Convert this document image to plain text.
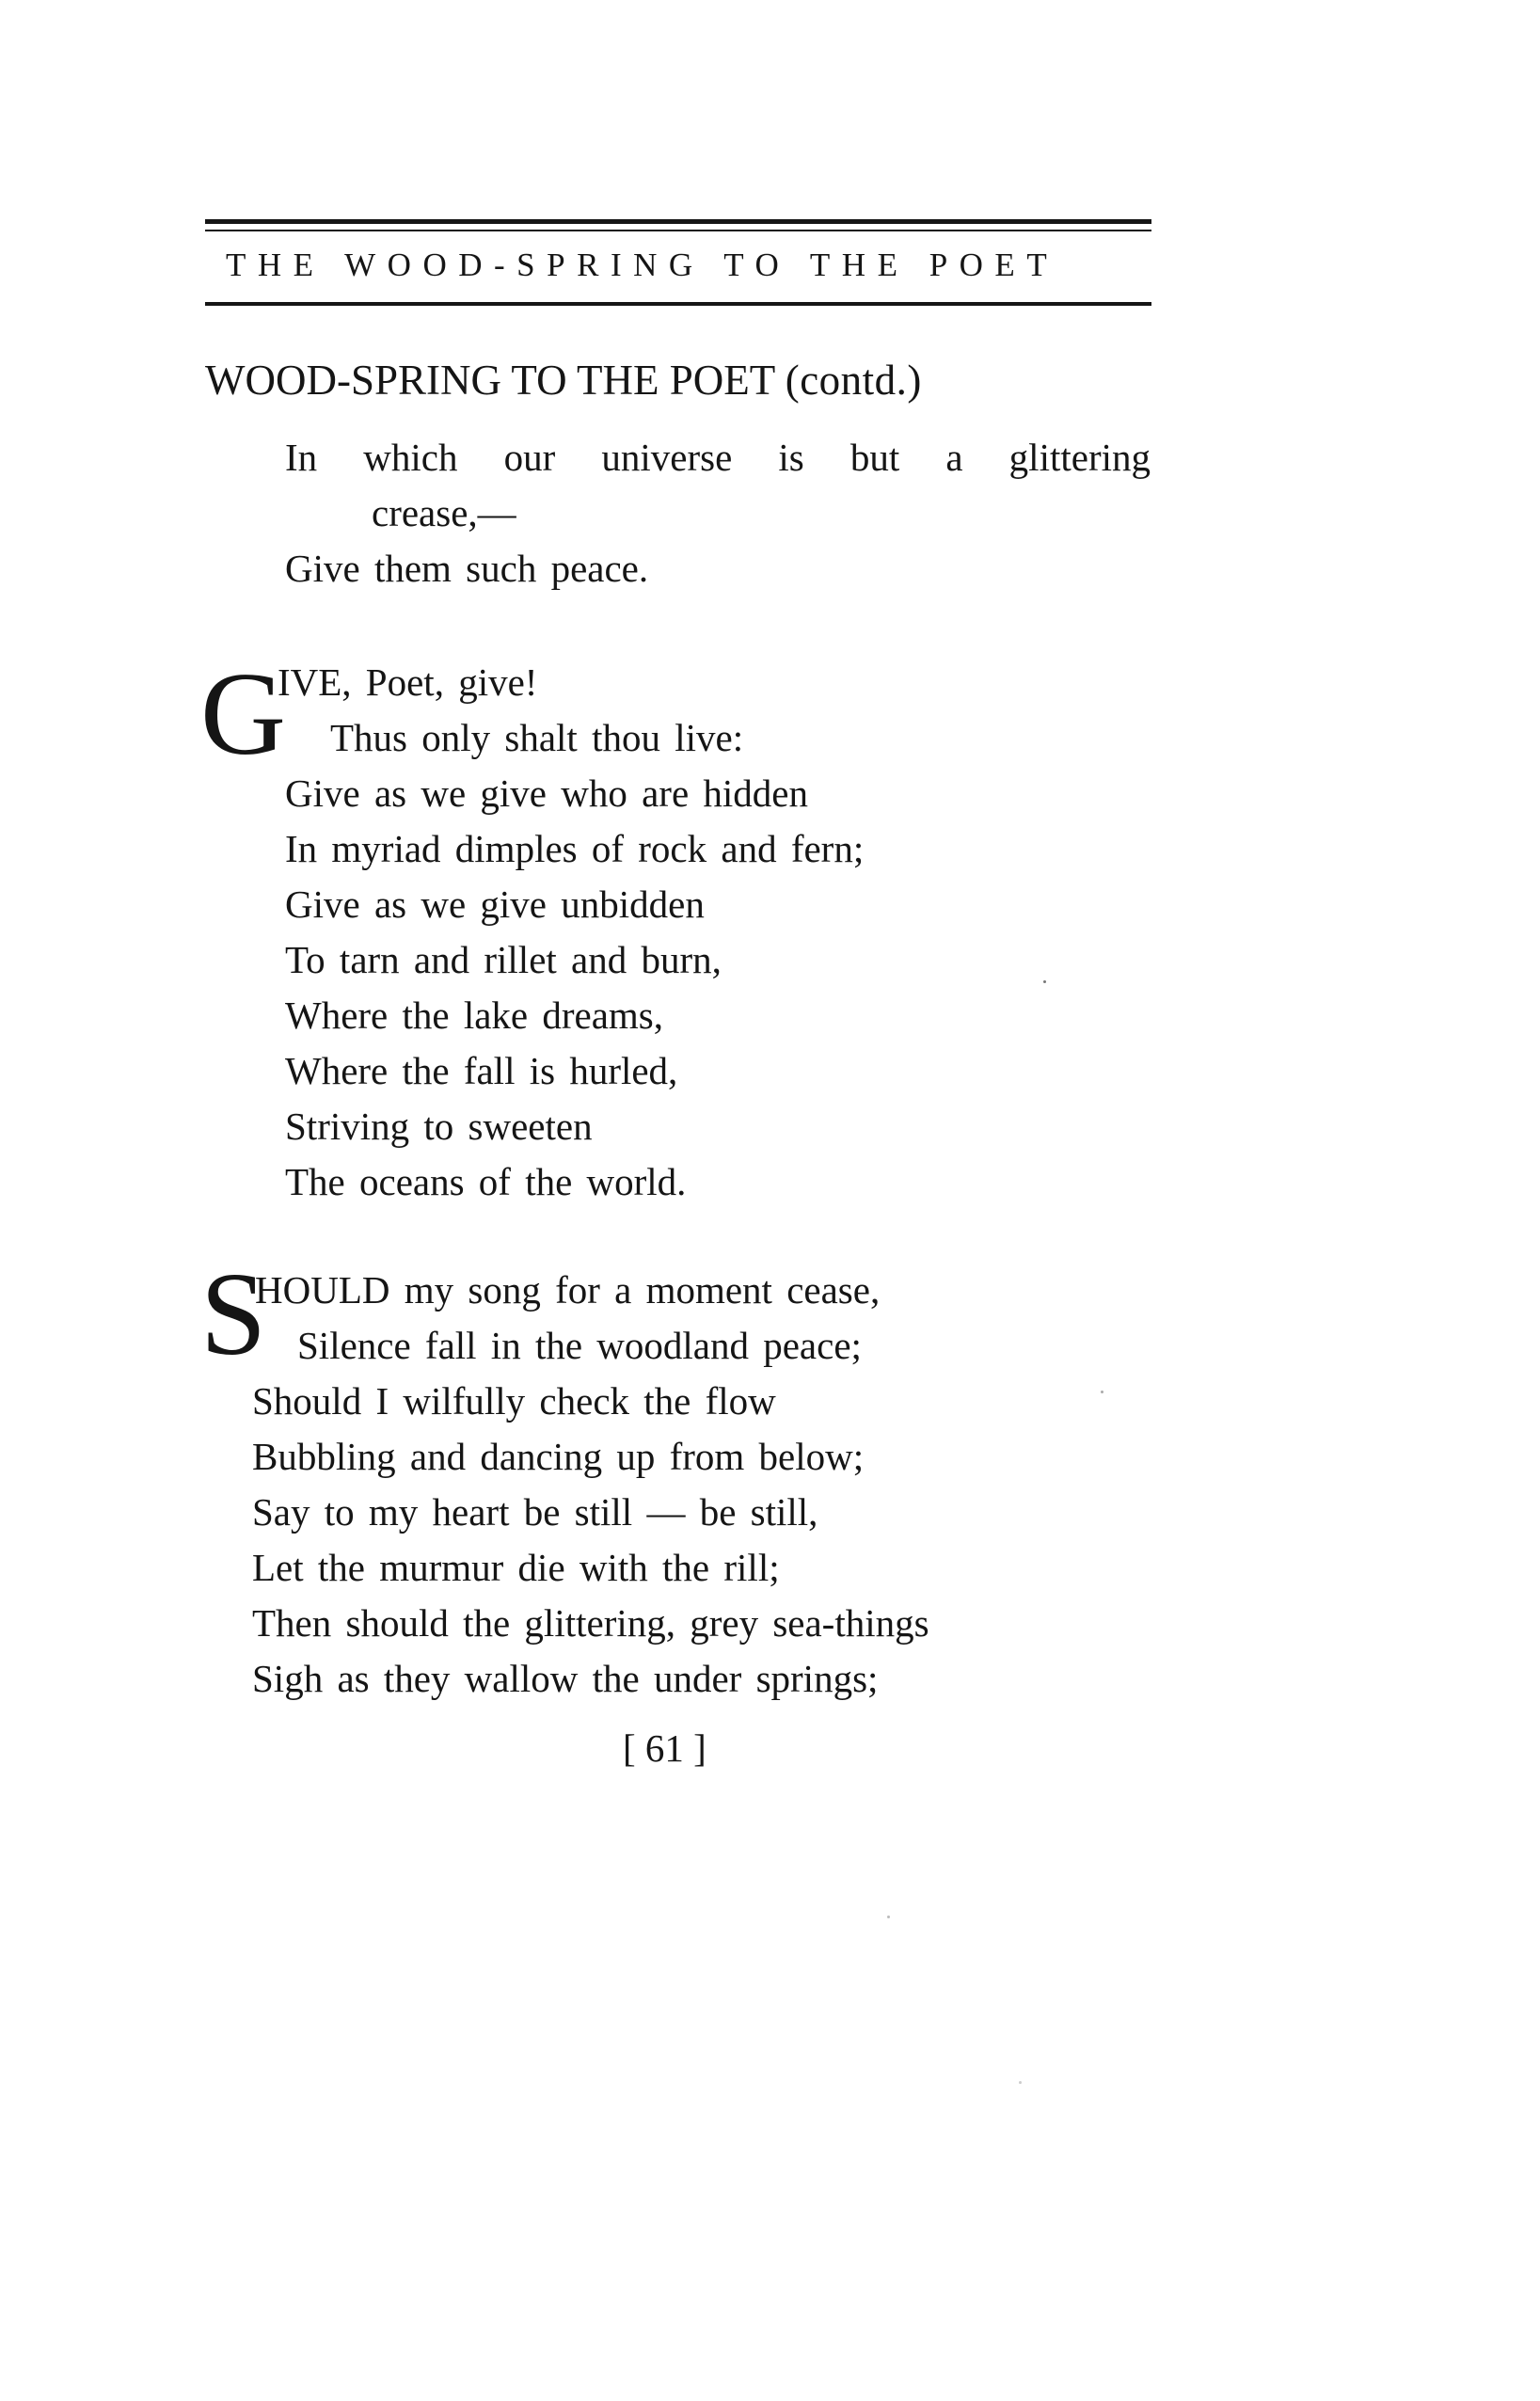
THE WOOD-SPRING TO THE POET
WOOD-SPRING TO THE POET (contd.)
In which our universe is but a glittering
crease,—
Give them such peace.
G
IVE, Poet, give!
Thus only shalt thou live:
Give as we give who are hidden
In myriad dimples of rock and fern;
Give as we give unbidden
To tarn and rillet and burn,
Where the lake dreams,
Where the fall is hurled,
Striving to sweeten
The oceans of the world.
S
HOULD my song for a moment cease,
Silence fall in the woodland peace;
Should I wilfully check the flow
Bubbling and dancing up from below;
Say to my heart be still — be still,
Let the murmur die with the rill;
Then should the glittering, grey sea-things
Sigh as they wallow the under springs;
[ 61 ]
